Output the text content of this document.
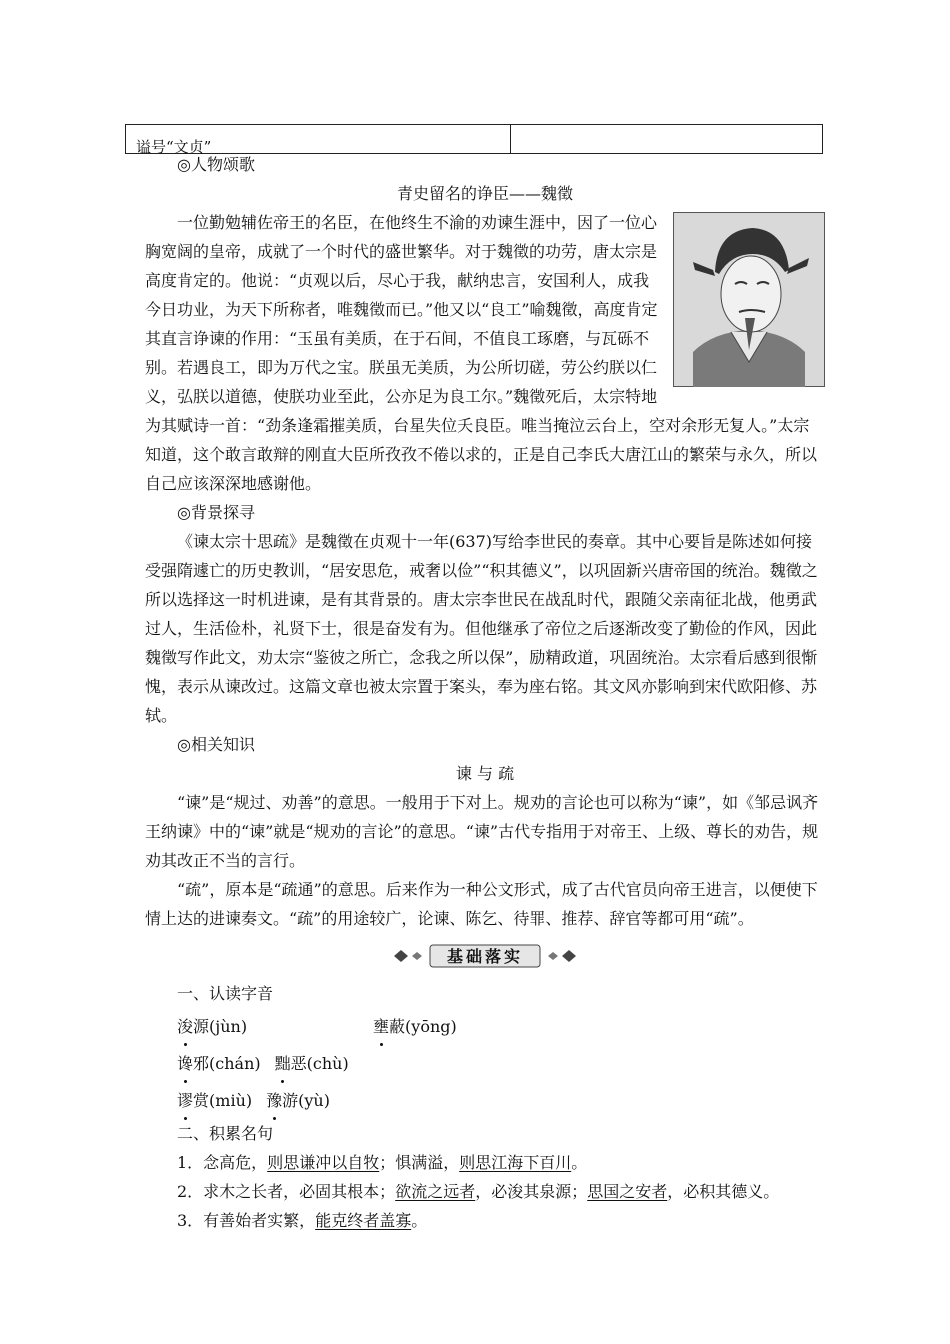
谥号“文贞”

◎人物颂歌

青史留名的诤臣——魏徵

一位勤勉辅佐帝王的名臣，在他终生不渝的劝谏生涯中，因了一位心胸宽阔的皇帝，成就了一个时代的盛世繁华。对于魏徵的功劳，唐太宗是高度肯定的。他说：“贞观以后，尽心于我，献纳忠言，安国利人，成我今日功业，为天下所称者，唯魏徵而已。”他又以“良工”喻魏徵，高度肯定其直言诤谏的作用：“玉虽有美质，在于石间，不值良工琢磨，与瓦砾不别。若遇良工，即为万代之宝。朕虽无美质，为公所切磋，劳公约朕以仁义，弘朕以道德，使朕功业至此，公亦足为良工尔。”魏徵死后，太宗特地为其赋诗一首：“劲条逢霜摧美质，台星失位夭良臣。唯当掩泣云台上，空对余形无复人。”太宗知道，这个敢言敢辩的刚直大臣所孜孜不倦以求的，正是自己李氏大唐江山的繁荣与永久，所以自己应该深深地感谢他。

◎背景探寻

《谏太宗十思疏》是魏徵在贞观十一年(637)写给李世民的奏章。其中心要旨是陈述如何接受强隋遽亡的历史教训，“居安思危，戒奢以俭”“积其德义”，以巩固新兴唐帝国的统治。魏徵之所以选择这一时机进谏，是有其背景的。唐太宗李世民在战乱时代，跟随父亲南征北战，他勇武过人，生活俭朴，礼贤下士，很是奋发有为。但他继承了帝位之后逐渐改变了勤俭的作风，因此魏徵写作此文，劝太宗“鉴彼之所亡，念我之所以保”，励精政道，巩固统治。太宗看后感到很惭愧，表示从谏改过。这篇文章也被太宗置于案头，奉为座右铭。其文风亦影响到宋代欧阳修、苏轼。

◎相关知识

谏 与 疏

“谏”是“规过、劝善”的意思。一般用于下对上。规劝的言论也可以称为“谏”，如《邹忌讽齐王纳谏》中的“谏”就是“规劝的言论”的意思。“谏”古代专指用于对帝王、上级、尊长的劝告，规劝其改正不当的言行。

“疏”，原本是“疏通”的意思。后来作为一种公文形式，成了古代官员向帝王进言，以便使下情上达的进谏奏文。“疏”的用途较广，论谏、陈乞、待罪、推荐、辞官等都可用“疏”。

基础落实

一、认读字音

浚源(jùn)	壅蔽(yōng)
谗邪(chán) 黜恶(chù)
谬赏(miù) 豫游(yù)

二、积累名句

1．念高危，则思谦冲以自牧；惧满溢，则思江海下百川。

2．求木之长者，必固其根本；欲流之远者，必浚其泉源；思国之安者，必积其德义。

3．有善始者实繁，能克终者盖寡。
